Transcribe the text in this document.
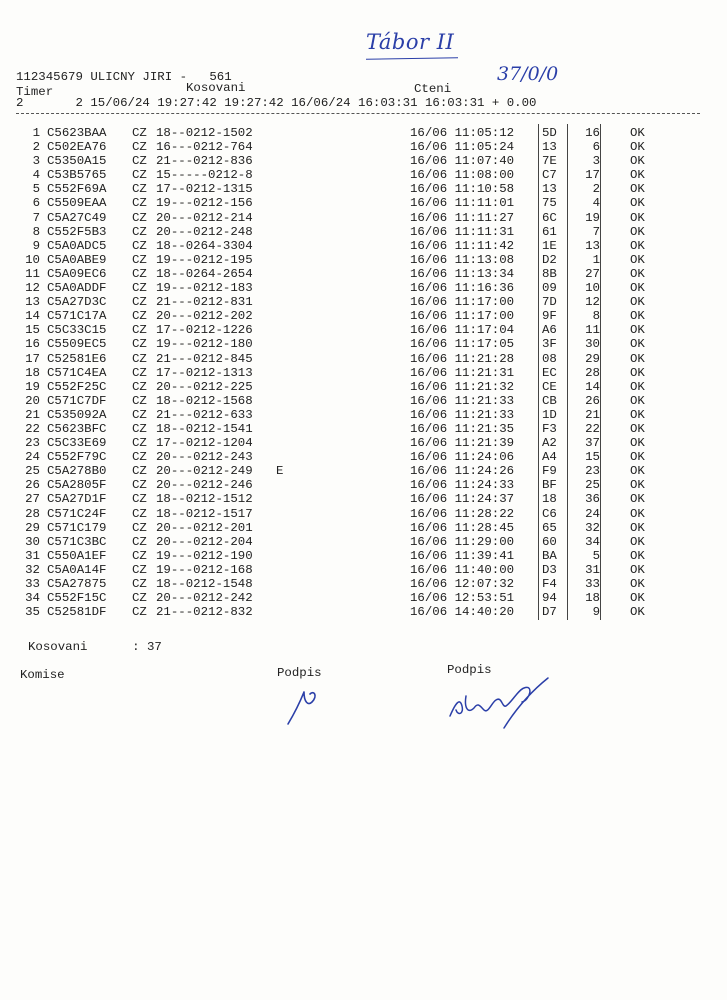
Tábor II
37/0/0
112345679 ULICNY JIRI -   561
Timer	Kosovani	Cteni
2       2 15/06/24 19:27:42 19:27:42 16/06/24 16:03:31 16:03:31 + 0.00
1 C5623BAA CZ 18--0212-1502	16/06 11:05:12 5D	16 OK
2 C502EA76 CZ 16---0212-764	16/06 11:05:24 13	6 OK
3 C5350A15 CZ 21---0212-836	16/06 11:07:40 7E	3 OK
4 C53B5765 CZ 15-----0212-8	16/06 11:08:00 C7	17 OK
5 C552F69A CZ 17--0212-1315	16/06 11:10:58 13	2 OK
6 C5509EAA CZ 19---0212-156	16/06 11:11:01 75	4 OK
7 C5A27C49 CZ 20---0212-214	16/06 11:11:27 6C	19 OK
8 C552F5B3 CZ 20---0212-248	16/06 11:11:31 61	7 OK
9 C5A0ADC5 CZ 18--0264-3304	16/06 11:11:42 1E	13 OK
10 C5A0ABE9 CZ 19---0212-195	16/06 11:13:08 D2	1 OK
11 C5A09EC6 CZ 18--0264-2654	16/06 11:13:34 8B	27 OK
12 C5A0ADDF CZ 19---0212-183	16/06 11:16:36 09	10 OK
13 C5A27D3C CZ 21---0212-831	16/06 11:17:00 7D	12 OK
14 C571C17A CZ 20---0212-202	16/06 11:17:00 9F	8 OK
15 C5C33C15 CZ 17--0212-1226	16/06 11:17:04 A6	11 OK
16 C5509EC5 CZ 19---0212-180	16/06 11:17:05 3F	30 OK
17 C52581E6 CZ 21---0212-845	16/06 11:21:28 08	29 OK
18 C571C4EA CZ 17--0212-1313	16/06 11:21:31 EC	28 OK
19 C552F25C CZ 20---0212-225	16/06 11:21:32 CE	14 OK
20 C571C7DF CZ 18--0212-1568	16/06 11:21:33 CB	26 OK
21 C535092A CZ 21---0212-633	16/06 11:21:33 1D	21 OK
22 C5623BFC CZ 18--0212-1541	16/06 11:21:35 F3	22 OK
23 C5C33E69 CZ 17--0212-1204	16/06 11:21:39 A2	37 OK
24 C552F79C CZ 20---0212-243	16/06 11:24:06 A4	15 OK
25 C5A278B0 CZ 20---0212-249 E	16/06 11:24:26 F9	23 OK
26 C5A2805F CZ 20---0212-246	16/06 11:24:33 BF	25 OK
27 C5A27D1F CZ 18--0212-1512	16/06 11:24:37 18	36 OK
28 C571C24F CZ 18--0212-1517	16/06 11:28:22 C6	24 OK
29 C571C179 CZ 20---0212-201	16/06 11:28:45 65	32 OK
30 C571C3BC CZ 20---0212-204	16/06 11:29:00 60	34 OK
31 C550A1EF CZ 19---0212-190	16/06 11:39:41 BA	5 OK
32 C5A0A14F CZ 19---0212-168	16/06 11:40:00 D3	31 OK
33 C5A27875 CZ 18--0212-1548	16/06 12:07:32 F4	33 OK
34 C552F15C CZ 20---0212-242	16/06 12:53:51 94	18 OK
35 C52581DF CZ 21---0212-832	16/06 14:40:20 D7	9 OK
Kosovani      : 37
Komise	Podpis	Podpis
